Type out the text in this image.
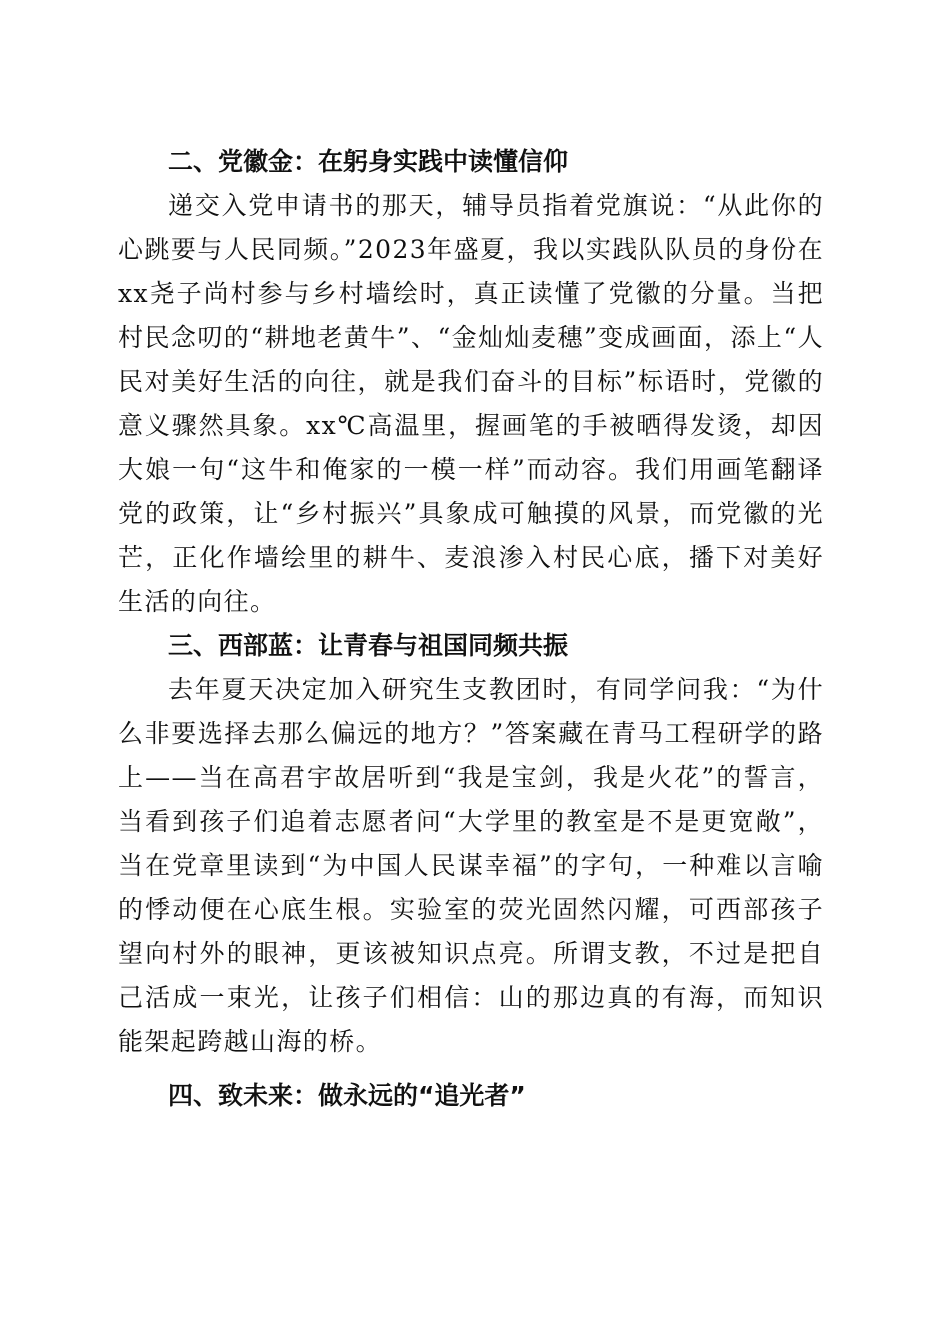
二、党徽金：在躬身实践中读懂信仰

递交入党申请书的那天，辅导员指着党旗说：“从此你的心跳要与人民同频。”2023年盛夏，我以实践队队员的身份在xx尧子尚村参与乡村墙绘时，真正读懂了党徽的分量。当把村民念叨的“耕地老黄牛”、“金灿灿麦穗”变成画面，添上“人民对美好生活的向往，就是我们奋斗的目标”标语时，党徽的意义骤然具象。xx℃高温里，握画笔的手被晒得发烫，却因大娘一句“这牛和俺家的一模一样”而动容。我们用画笔翻译党的政策，让“乡村振兴”具象成可触摸的风景，而党徽的光芒，正化作墙绘里的耕牛、麦浪渗入村民心底，播下对美好生活的向往。

三、西部蓝：让青春与祖国同频共振

去年夏天决定加入研究生支教团时，有同学问我：“为什么非要选择去那么偏远的地方？”答案藏在青马工程研学的路上——当在高君宇故居听到“我是宝剑，我是火花”的誓言，当看到孩子们追着志愿者问“大学里的教室是不是更宽敞”，当在党章里读到“为中国人民谋幸福”的字句，一种难以言喻的悸动便在心底生根。实验室的荧光固然闪耀，可西部孩子望向村外的眼神，更该被知识点亮。所谓支教，不过是把自己活成一束光，让孩子们相信：山的那边真的有海，而知识能架起跨越山海的桥。

四、致未来：做永远的“追光者”
